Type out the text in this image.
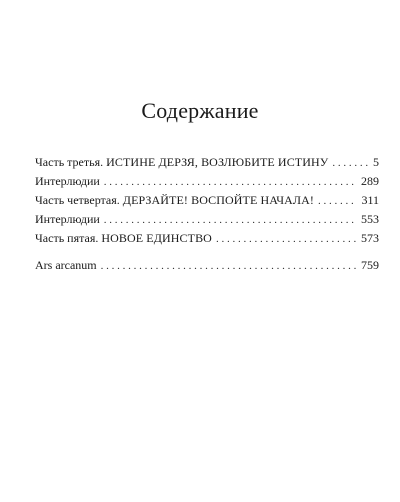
Содержание
Часть третья. ИСТИНЕ ДЕРЗЯ, ВОЗЛЮБИТЕ ИСТИНУ . . .	5
Интерлюдии . . .	289
Часть четвертая. ДЕРЗАЙТЕ! ВОСПОЙТЕ НАЧАЛА! . . .	311
Интерлюдии . . .	553
Часть пятая. НОВОЕ ЕДИНСТВО . . .	573
Ars arcanum . . .	759
